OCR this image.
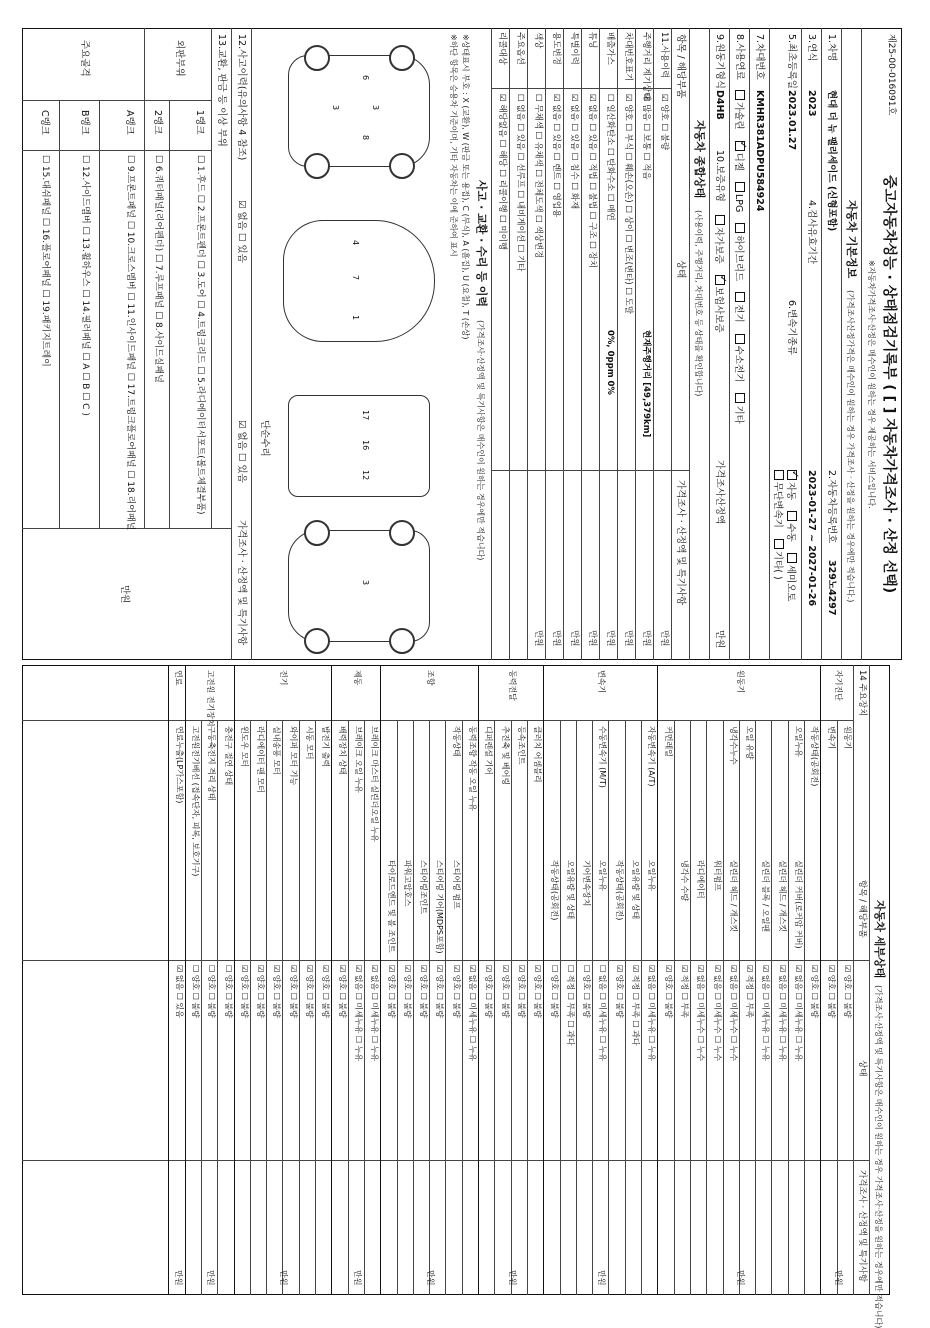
제25-00-016091호
중고자동차성능 · 상태점검기록부 ( [ ] 자동차가격조사 · 산정 선택)
※자동차가격조사·산정은 매수인이 원하는 경우 제공하는 서비스입니다.
자동차 기본정보
(가격조사산정가격은 매수인이 원하는 경우 가격조사 · 산정을 원하는 경우에만 적습니다.)
1.차명
현대 더 뉴 팰리세이드 (신형포함)
2.자동차등록번호
329노4297
3.연식
2023
4.검사유효기간
2023-01-27 ~ 2027-01-26
5.최초등록일
2023.01.27
6.변속기종류
✓자동 수동 세미오토
무단변속기 기타( )
7.차대번호
KMHR381ADPU584924
8.사용연료
가솔린 ✓디젤 LPG 하이브리드 전기 수소전기 기타
9.원동기형식
D4HB
10.보증유형
자가보증 ✓보험사보증
가격조사산정액
만원
자동차 종합상태
(사용이력, 주행거리, 차대번호 등 상태를 확인합니다)
항목 / 해당부품
상태
가격조사 · 산정액 및 특기사항
11.사용이력
☑ 양호 ☐ 불량
만원
주행거리 계기상태
☑ 많음 ☐ 보통 ☐ 적음
현재주행거리 [49,379km]
만원
차대번호표기
☑ 양호 ☐ 부식 ☐ 훼손(오손) ☐ 상이 ☐ 변조(변타) ☐ 도말
만원
배출가스
☐ 일산화탄소 ☐ 탄화수소 ☐ 매연
0%, 0ppm 0%
만원
튜닝
☑ 없음 ☐ 있음 ☐ 적법 ☐ 불법 ☐ 구조 ☐ 장치
만원
특별이력
☑ 없음 ☐ 있음 ☐ 침수 ☐ 화재
만원
용도변경
☑ 없음 ☐ 있음 ☐ 렌트 ☐ 영업용
만원
색상
☐ 무채색 ☐ 유채색 ☐ 전체도색 ☐ 색상변경
만원
주요옵션
☐ 없음 ☐ 있음 ☐ 선루프 ☐ 내비게이션 ☐ 기타
리콜대상
☑ 해당없음 ☐ 해당 ☐ 리콜이행 ☐ 미이행
사고 · 교환 · 수리 등 이력
(가격조사·산정액 및 특기사항은 매수인이 원하는 경우에만 적습니다)
※상태표시 부호 : X (교환), W (판금 또는 용접), C (부식), A (흠집), U (요철), T (손상)
※하단 항목은 승용차 기준이며, 기타 자동차는 이에 준하여 표시
6
3
3
8
4
7
1
17
16
12
3
단순수리
12.사고이력(유의사항 4 참조)
☑ 없음 ☐ 있음
☑ 없음 ☐ 있음
가격조사 · 산정액 및 특기사항
13.교환, 판금 등 이상 부위
외판부위
1랭크
☐ 1.후드 ☐ 2.프론트펜더 ☐ 3.도어 ☐ 4.트렁크리드 ☐ 5.라디에이터서포트(볼트체결부품)
2랭크
☐ 6.쿼터패널(리어펜더) ☐ 7.루프패널 ☐ 8.사이드실패널
주요골격
A랭크
☐ 9.프론트패널 ☐ 10.크로스멤버 ☐ 11.인사이드패널 ☐ 17.트렁크플로어패널 ☐ 18.리어패널
B랭크
☐ 12.사이드멤버 ☐ 13.휠하우스 ☐ 14.필러패널 ☐ A ☐ B ☐ C )
C랭크
☐ 15.대쉬패널 ☐ 16.플로어패널 ☐ 19.패키지트레이
만원
자동차 세부상태
(가격조사·산정액 및 특기사항은 매수인이 원하는 경우 가격조사·산정을 원하는 경우에만 적습니다)
14 주요장치
항목 / 해당부품
상태
가격조사 · 산정액 및 특기사항
원동기
☑ 양호 ☐ 불량
변속기
☑ 양호 ☐ 불량
자기진단
만원
작동상태(공회전)
☑ 양호 ☐ 불량
오일누유
실린더 커버(로커암 커버)
☑ 없음 ☐ 미세누유 ☐ 누유
실린더 헤드 / 개스킷
☑ 없음 ☐ 미세누유 ☐ 누유
실린더 블록 / 오일팬
☑ 없음 ☐ 미세누유 ☐ 누유
오일 유량
☑ 적정 ☐ 부족
냉각수누수
실린더 헤드 / 개스킷
☑ 없음 ☐ 미세누수 ☐ 누수
워터펌프
☑ 없음 ☐ 미세누수 ☐ 누수
라디에이터
☑ 없음 ☐ 미세누수 ☐ 누수
냉각수 수량
☑ 적정 ☐ 부족
커먼레일
☑ 양호 ☐ 불량
원동기
만원
자동변속기 (A/T)
오일누유
☑ 없음 ☐ 미세누유 ☐ 누유
오일유량 및 상태
☑ 적정 ☐ 부족 ☐ 과다
작동상태(공회전)
☑ 양호 ☐ 불량
수동변속기 (M/T)
오일누유
☐ 없음 ☐ 미세누유 ☐ 누유
기어변속장치
☐ 양호 ☐ 불량
오일유량 및 상태
☐ 적정 ☐ 부족 ☐ 과다
작동상태(공회전)
☐ 양호 ☐ 불량
변속기
만원
클러치 어셈블리
☑ 양호 ☐ 불량
등속조인트
☑ 양호 ☐ 불량
추진축 및 베어링
☑ 양호 ☐ 불량
디퍼렌셜 기어
☑ 양호 ☐ 불량
동력전달
만원
동력조향 작동 오일 누유
☑ 없음 ☐ 미세누유 ☐ 누유
작동상태
스티어링 펌프
☑ 양호 ☐ 불량
스티어링 기어(MDPS포함)
☑ 양호 ☐ 불량
스티어링조인트
☑ 양호 ☐ 불량
파워고압호스
☑ 양호 ☐ 불량
타이로드엔드 및 볼 조인트
☑ 양호 ☐ 불량
조향
만원
브레이크 마스터 실린더오일 누유
☑ 없음 ☐ 미세누유 ☐ 누유
브레이크 오일 누유
☑ 없음 ☐ 미세누유 ☐ 누유
배력장치 상태
☑ 양호 ☐ 불량
제동
만원
발전기 출력
☑ 양호 ☐ 불량
시동 모터
☑ 양호 ☐ 불량
와이퍼 모터 기능
☑ 양호 ☐ 불량
실내송풍 모터
☑ 양호 ☐ 불량
라디에이터 팬 모터
☑ 양호 ☐ 불량
윈도우 모터
☑ 양호 ☐ 불량
전기
만원
충전구 절연 상태
☐ 양호 ☐ 불량
구동축전지 격리 상태
☐ 양호 ☐ 불량
고전원전기배선 (접속단자, 피복, 보호기구)
☐ 양호 ☐ 불량
고전원 전기장치
만원
연료누출(LP가스포함)
☑ 없음 ☐ 있음
연료
만원
